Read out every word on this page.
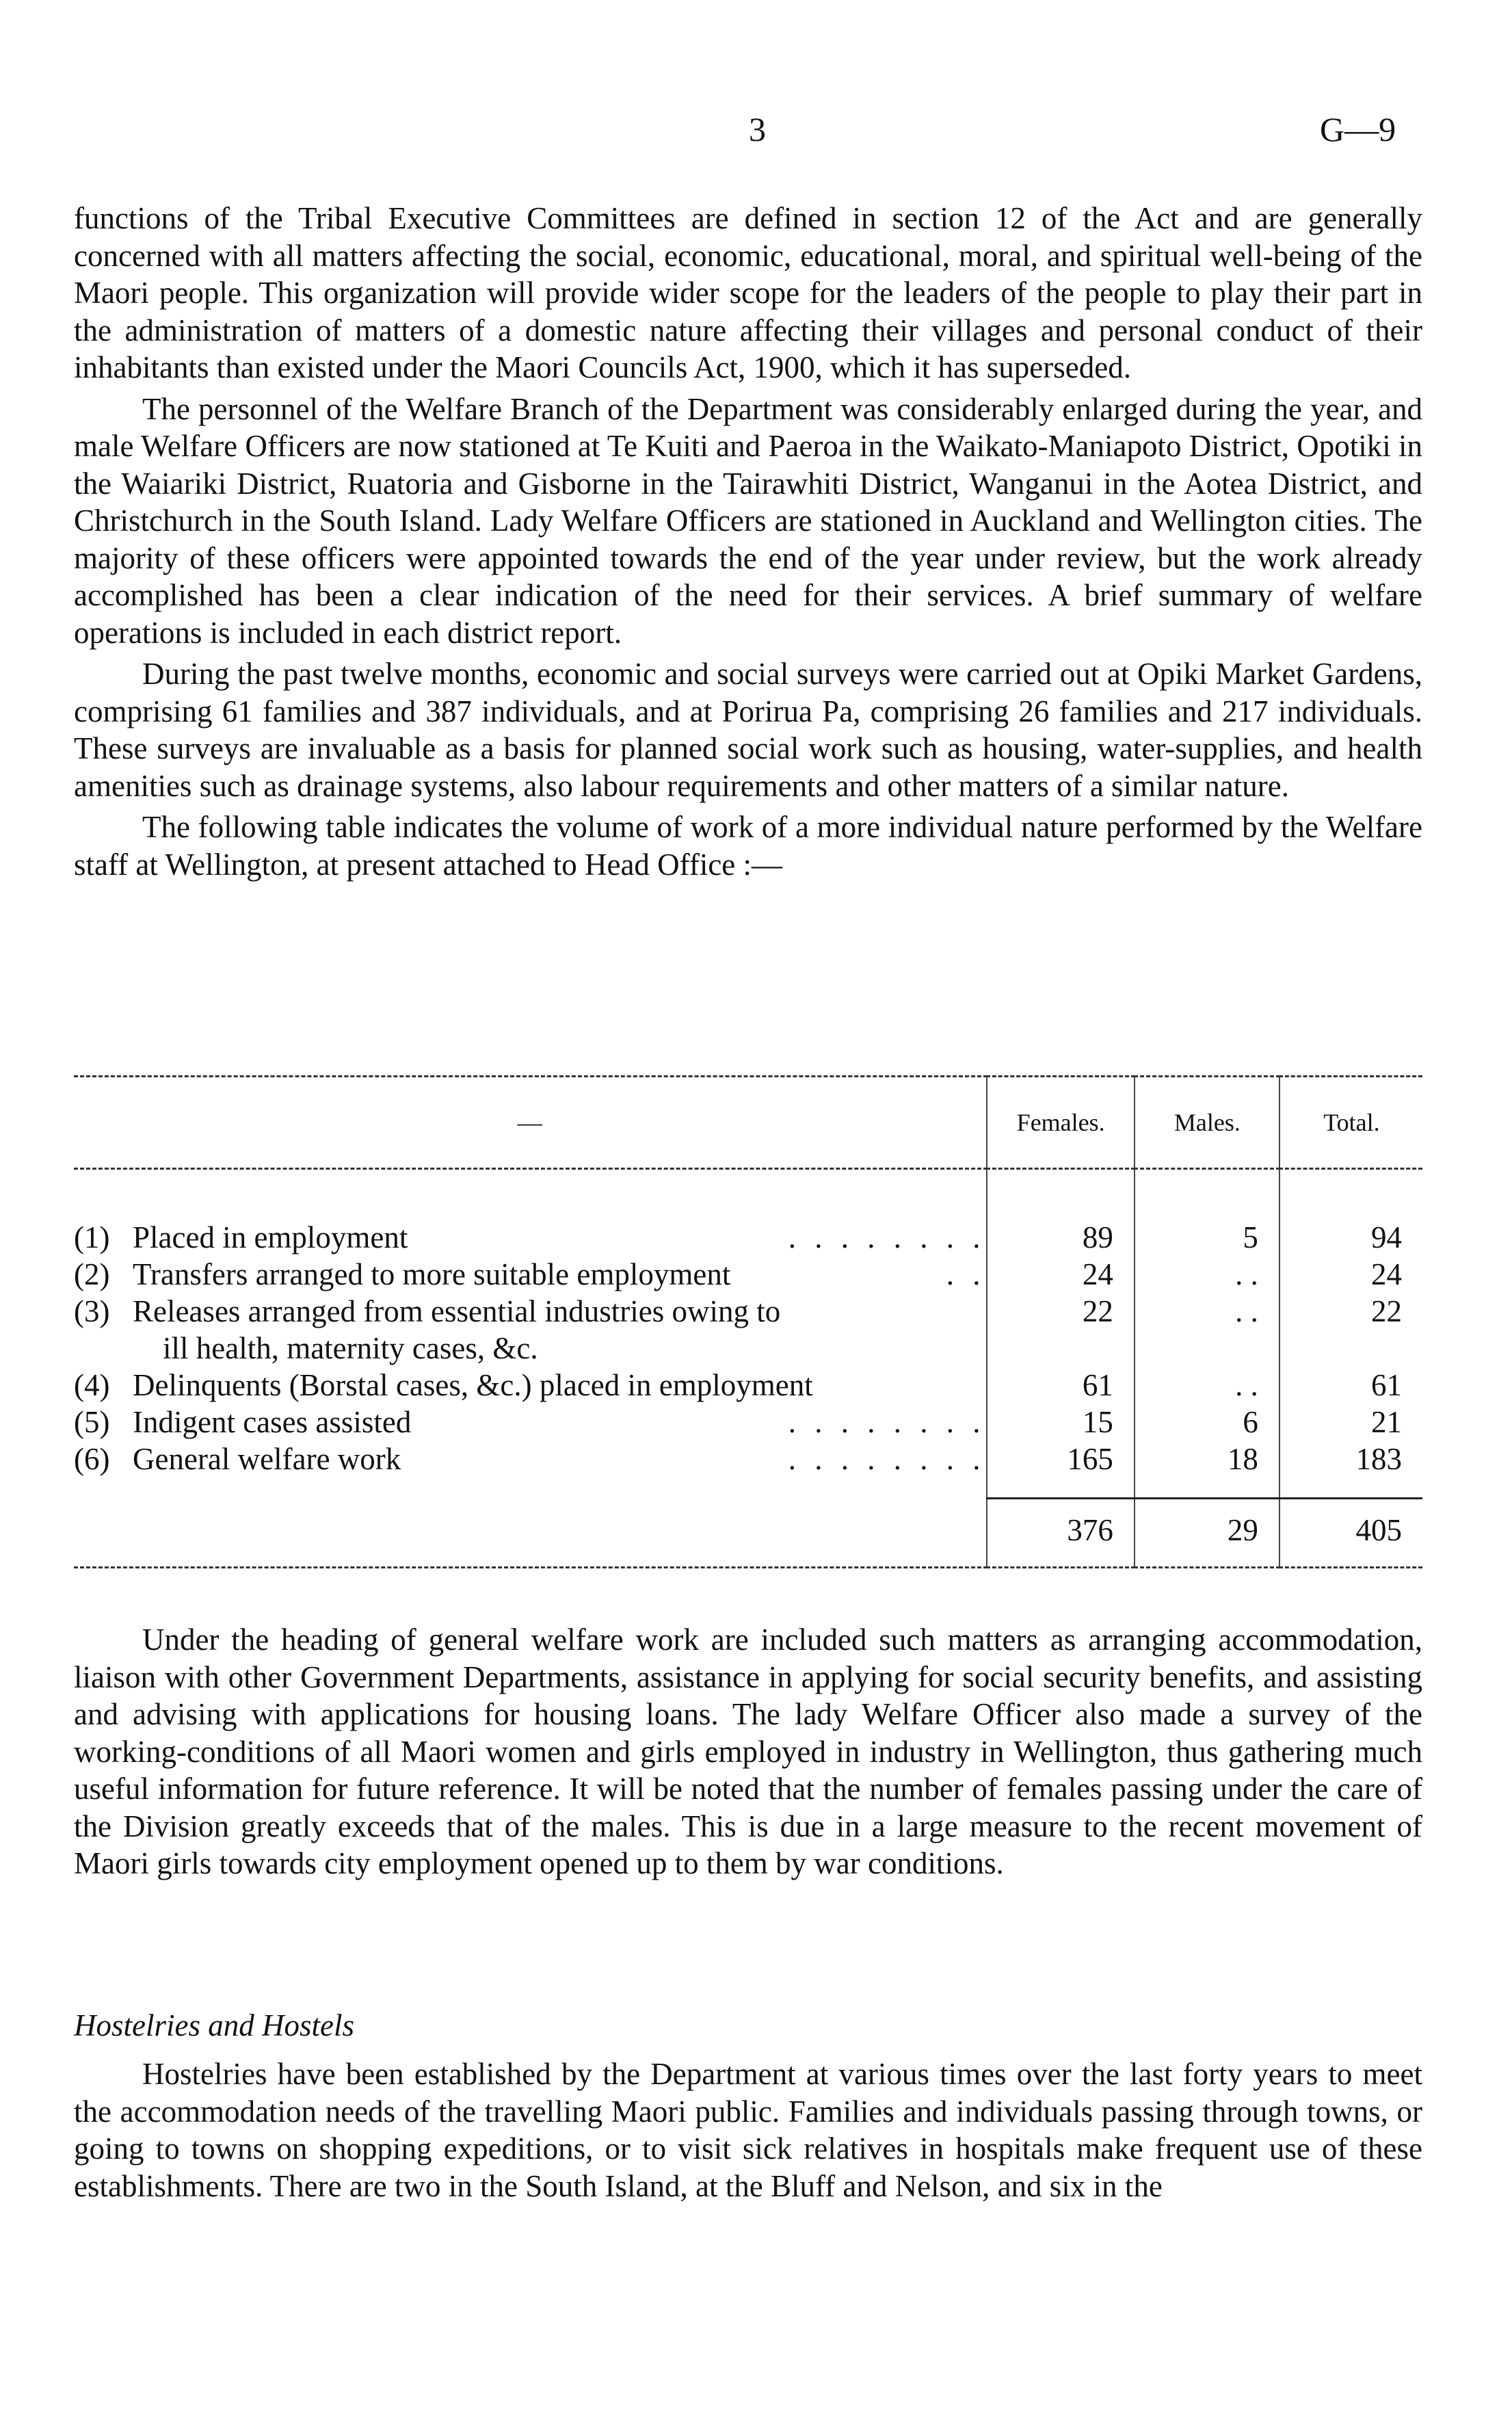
3	G—9

functions of the Tribal Executive Committees are defined in section 12 of the Act and are generally concerned with all matters affecting the social, economic, educational, moral, and spiritual well-being of the Maori people. This organization will provide wider scope for the leaders of the people to play their part in the administration of matters of a domestic nature affecting their villages and personal conduct of their inhabitants than existed under the Maori Councils Act, 1900, which it has superseded.

The personnel of the Welfare Branch of the Department was considerably enlarged during the year, and male Welfare Officers are now stationed at Te Kuiti and Paeroa in the Waikato-Maniapoto District, Opotiki in the Waiariki District, Ruatoria and Gisborne in the Tairawhiti District, Wanganui in the Aotea District, and Christchurch in the South Island. Lady Welfare Officers are stationed in Auckland and Wellington cities. The majority of these officers were appointed towards the end of the year under review, but the work already accomplished has been a clear indication of the need for their services. A brief summary of welfare operations is included in each district report.

During the past twelve months, economic and social surveys were carried out at Opiki Market Gardens, comprising 61 families and 387 individuals, and at Porirua Pa, comprising 26 families and 217 individuals. These surveys are invaluable as a basis for planned social work such as housing, water-supplies, and health amenities such as drainage systems, also labour requirements and other matters of a similar nature.

The following table indicates the volume of work of a more individual nature performed by the Welfare staff at Wellington, at present attached to Head Office :—

—	Females.	Males.	Total.

(1) Placed in employment . . . . . . . .	89	5	94
(2) Transfers arranged to more suitable employment . .	24	. .	24
(3) Releases arranged from essential industries owing to
ill health, maternity cases, &c.	22	. .	22
(4) Delinquents (Borstal cases, &c.) placed in employment	61	. .	61
(5) Indigent cases assisted . . . . . . . .	15	6	21
(6) General welfare work . . . . . . . .	165	18	183

	376	29	405

Under the heading of general welfare work are included such matters as arranging accommodation, liaison with other Government Departments, assistance in applying for social security benefits, and assisting and advising with applications for housing loans. The lady Welfare Officer also made a survey of the working-conditions of all Maori women and girls employed in industry in Wellington, thus gathering much useful information for future reference. It will be noted that the number of females passing under the care of the Division greatly exceeds that of the males. This is due in a large measure to the recent movement of Maori girls towards city employment opened up to them by war conditions.

Hostelries and Hostels

Hostelries have been established by the Department at various times over the last forty years to meet the accommodation needs of the travelling Maori public. Families and individuals passing through towns, or going to towns on shopping expeditions, or to visit sick relatives in hospitals make frequent use of these establishments. There are two in the South Island, at the Bluff and Nelson, and six in the
